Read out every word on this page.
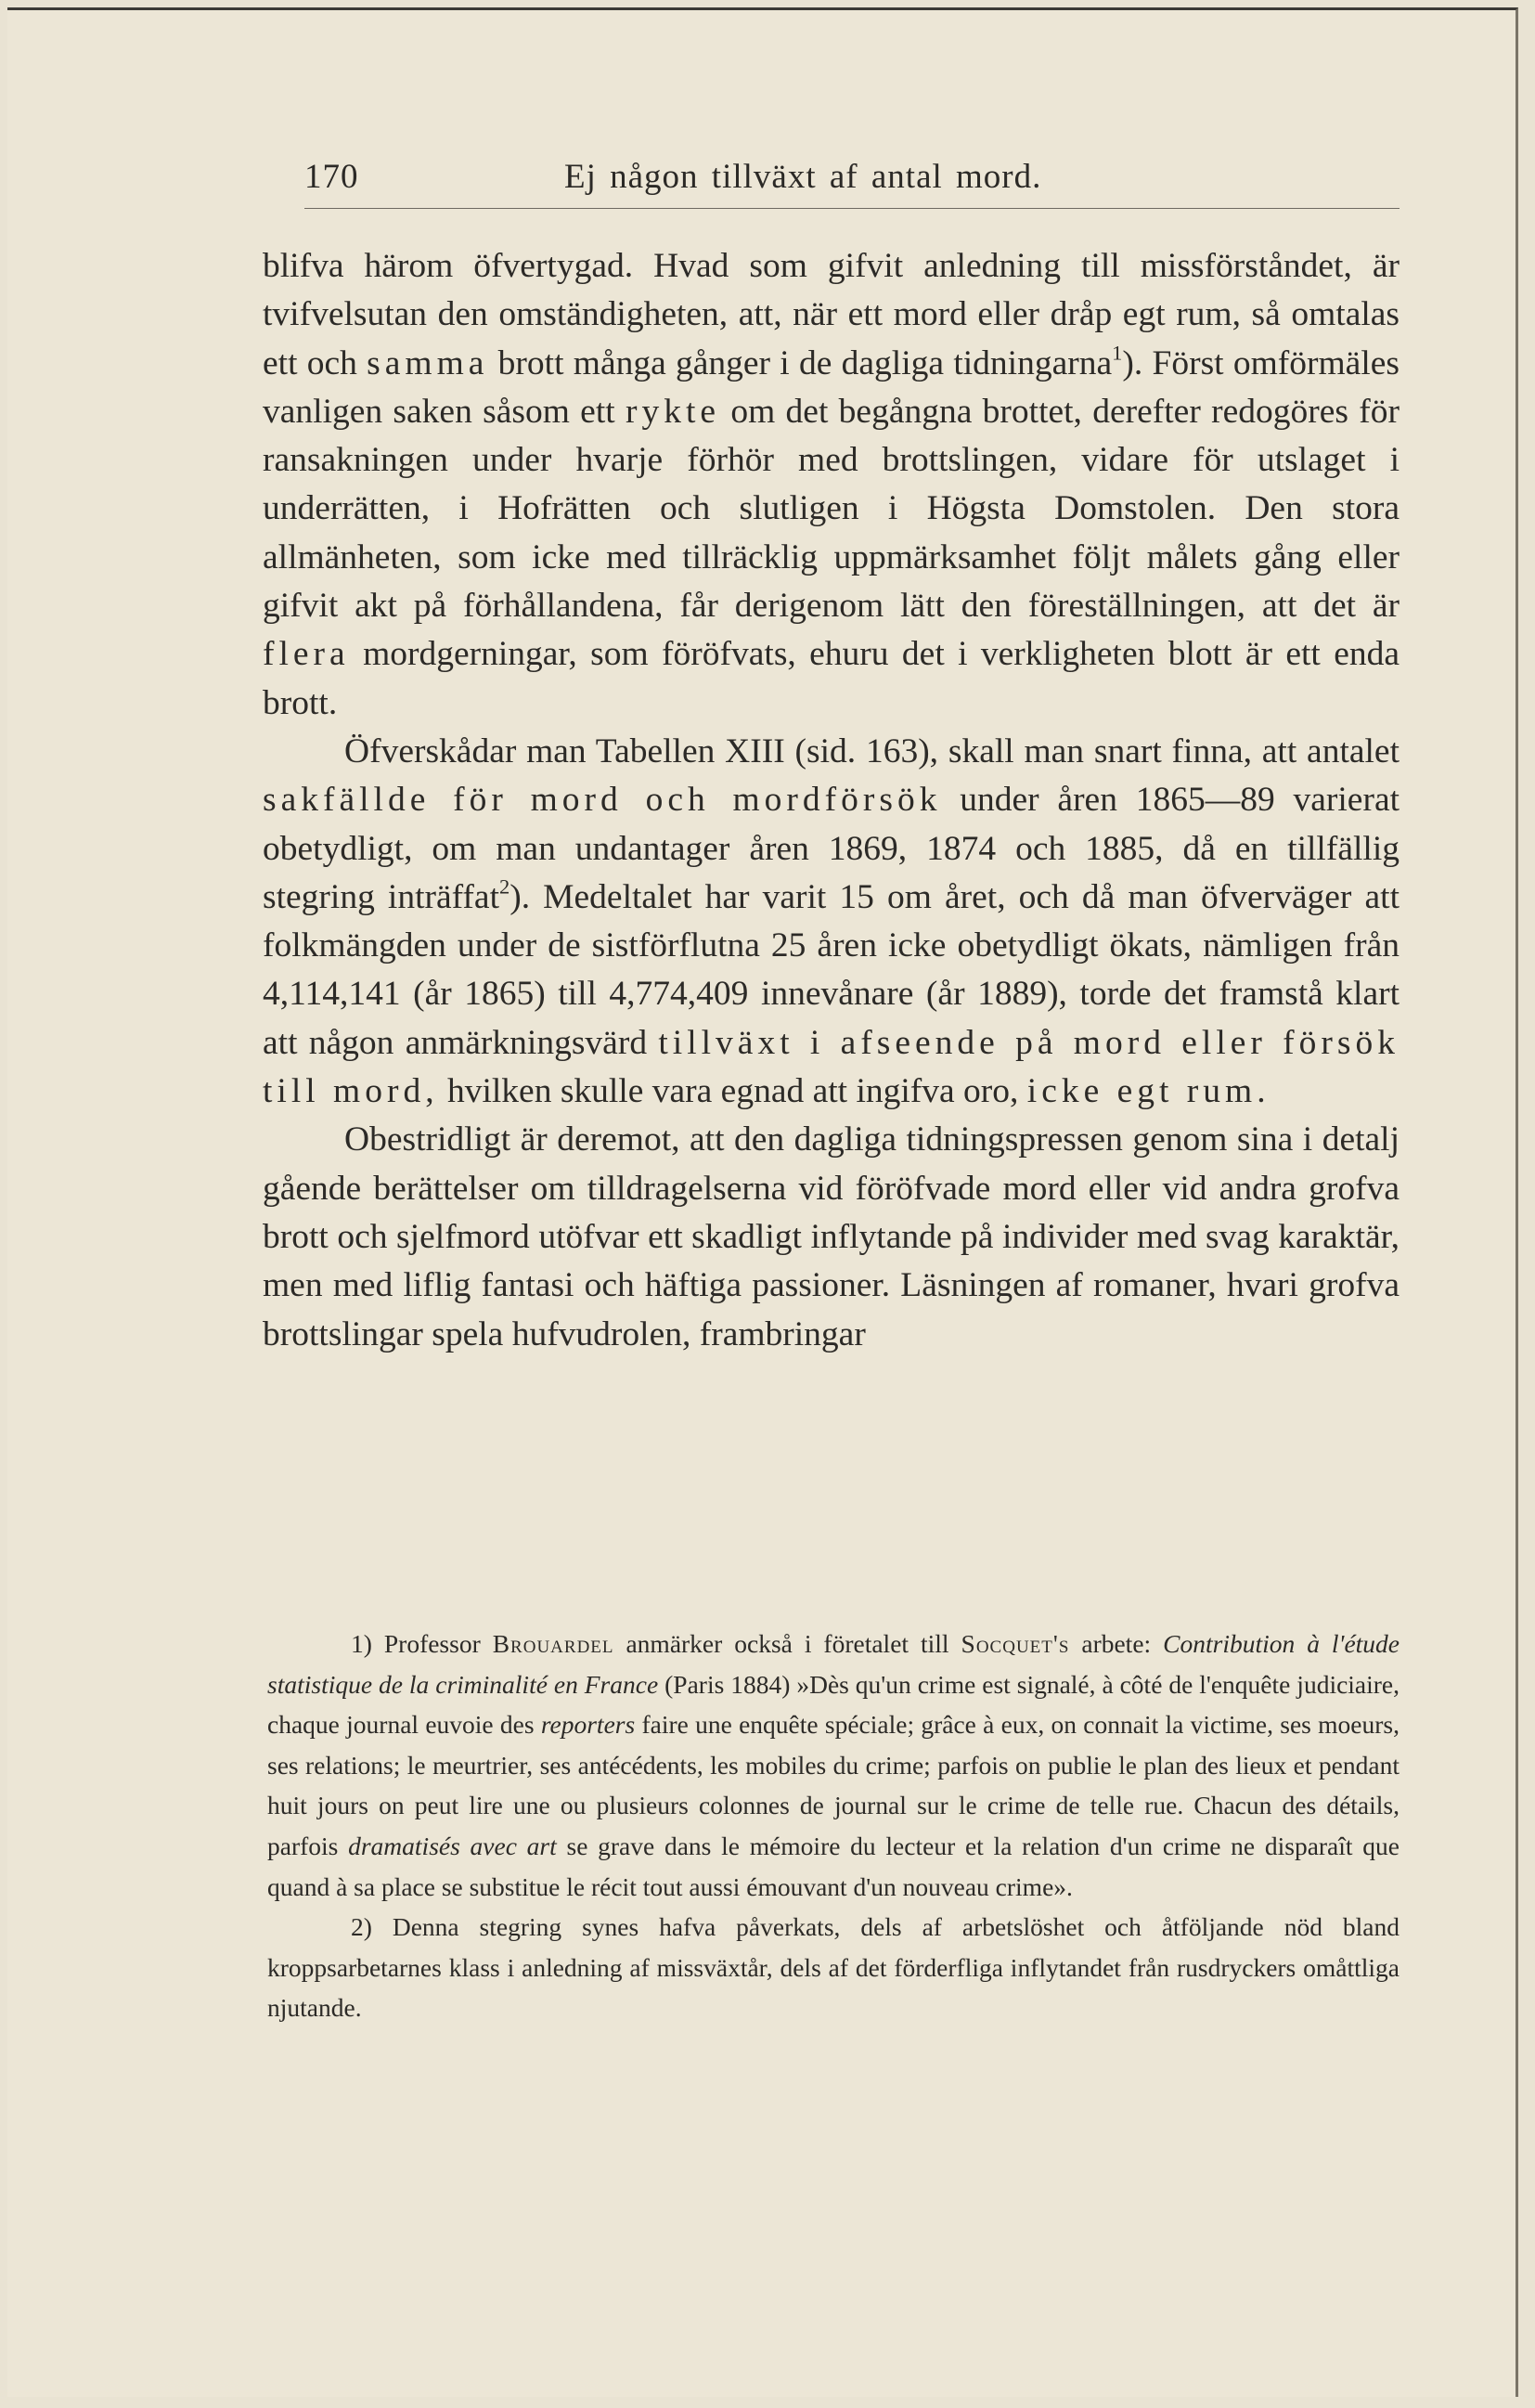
170	Ej någon tillväxt af antal mord.

blifva härom öfvertygad. Hvad som gifvit anledning till missförståndet, är tvifvelsutan den omständigheten, att, när ett mord eller dråp egt rum, så omtalas ett och samma brott många gånger i de dagliga tidningarna$^1$). Först omförmäles vanligen saken såsom ett rykte om det begångna brottet, derefter redogöres för ransakningen under hvarje förhör med brottslingen, vidare för utslaget i underrätten, i Hofrätten och slutligen i Högsta Domstolen. Den stora allmänheten, som icke med tillräcklig uppmärksamhet följt målets gång eller gifvit akt på förhållandena, får derigenom lätt den föreställningen, att det är flera mordgerningar, som föröfvats, ehuru det i verkligheten blott är ett enda brott.

Öfverskådar man Tabellen XIII (sid. 163), skall man snart finna, att antalet sakfällde för mord och mordförsök under åren 1865—89 varierat obetydligt, om man undantager åren 1869, 1874 och 1885, då en tillfällig stegring inträffat$^2$). Medeltalet har varit 15 om året, och då man öfverväger att folkmängden under de sistförflutna 25 åren icke obetydligt ökats, nämligen från 4,114,141 (år 1865) till 4,774,409 innevånare (år 1889), torde det framstå klart att någon anmärkningsvärd tillväxt i afseende på mord eller försök till mord, hvilken skulle vara egnad att ingifva oro, icke egt rum.

Obestridligt är deremot, att den dagliga tidningspressen genom sina i detalj gående berättelser om tilldragelserna vid föröfvade mord eller vid andra grofva brott och sjelfmord utöfvar ett skadligt inflytande på individer med svag karaktär, men med liflig fantasi och häftiga passioner. Läsningen af romaner, hvari grofva brottslingar spela hufvudrolen, frambringar

1) Professor Brouardel anmärker också i företalet till Socquet's arbete: Contribution à l'étude statistique de la criminalité en France (Paris 1884) »Dès qu'un crime est signalé, à côté de l'enquête judiciaire, chaque journal euvoie des reporters faire une enquête spéciale; grâce à eux, on connait la victime, ses moeurs, ses relations; le meurtrier, ses antécédents, les mobiles du crime; parfois on publie le plan des lieux et pendant huit jours on peut lire une ou plusieurs colonnes de journal sur le crime de telle rue. Chacun des détails, parfois dramatisés avec art se grave dans le mémoire du lecteur et la relation d'un crime ne disparaît que quand à sa place se substitue le récit tout aussi émouvant d'un nouveau crime».

2) Denna stegring synes hafva påverkats, dels af arbetslöshet och åtföljande nöd bland kroppsarbetarnes klass i anledning af missväxtår, dels af det förderfliga inflytandet från rusdryckers omåttliga njutande.
